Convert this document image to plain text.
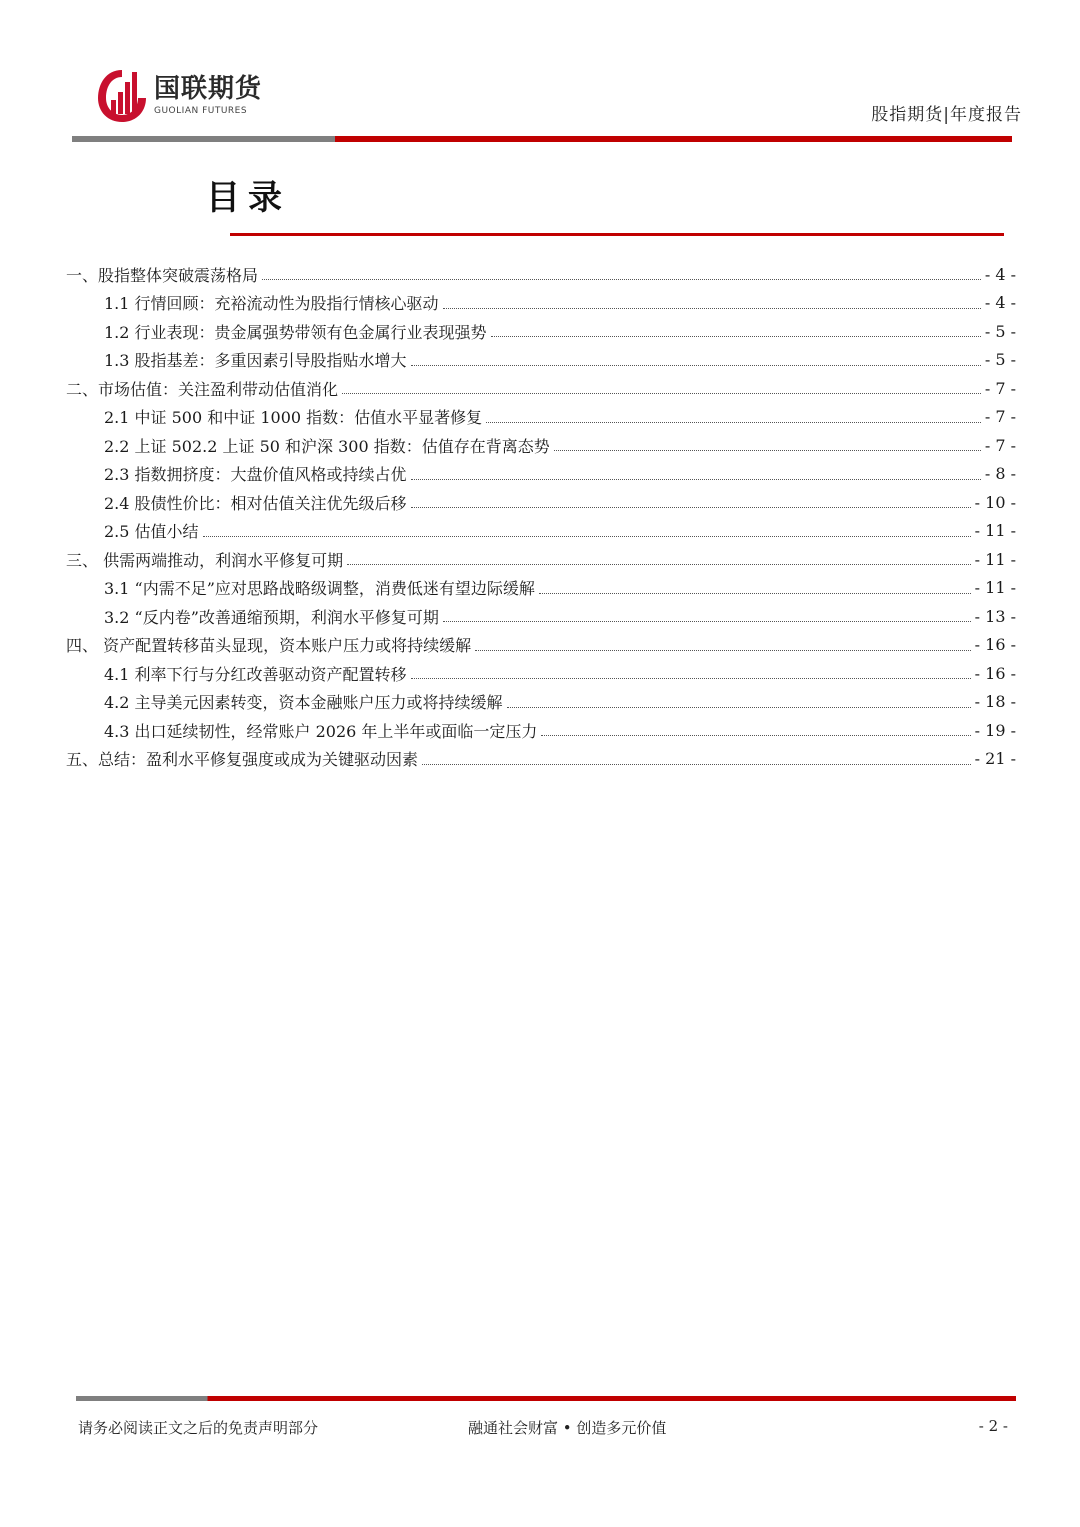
国联期货
GUOLIAN FUTURES	股指期货|年度报告
目录
一、股指整体突破震荡格局	- 4 -
1.1 行情回顾：充裕流动性为股指行情核心驱动	- 4 -
1.2 行业表现：贵金属强势带领有色金属行业表现强势	- 5 -
1.3 股指基差：多重因素引导股指贴水增大	- 5 -
二、市场估值：关注盈利带动估值消化	- 7 -
2.1 中证 500 和中证 1000 指数：估值水平显著修复	- 7 -
2.2 上证 502.2 上证 50 和沪深 300 指数：估值存在背离态势	- 7 -
2.3 指数拥挤度：大盘价值风格或持续占优	- 8 -
2.4 股债性价比：相对估值关注优先级后移	- 10 -
2.5 估值小结	- 11 -
三、 供需两端推动，利润水平修复可期	- 11 -
3.1 “内需不足”应对思路战略级调整，消费低迷有望边际缓解	- 11 -
3.2 “反内卷”改善通缩预期，利润水平修复可期	- 13 -
四、 资产配置转移苗头显现，资本账户压力或将持续缓解	- 16 -
4.1 利率下行与分红改善驱动资产配置转移	- 16 -
4.2 主导美元因素转变，资本金融账户压力或将持续缓解	- 18 -
4.3 出口延续韧性，经常账户 2026 年上半年或面临一定压力	- 19 -
五、总结：盈利水平修复强度或成为关键驱动因素	- 21 -
请务必阅读正文之后的免责声明部分	融通社会财富 • 创造多元价值	- 2 -
